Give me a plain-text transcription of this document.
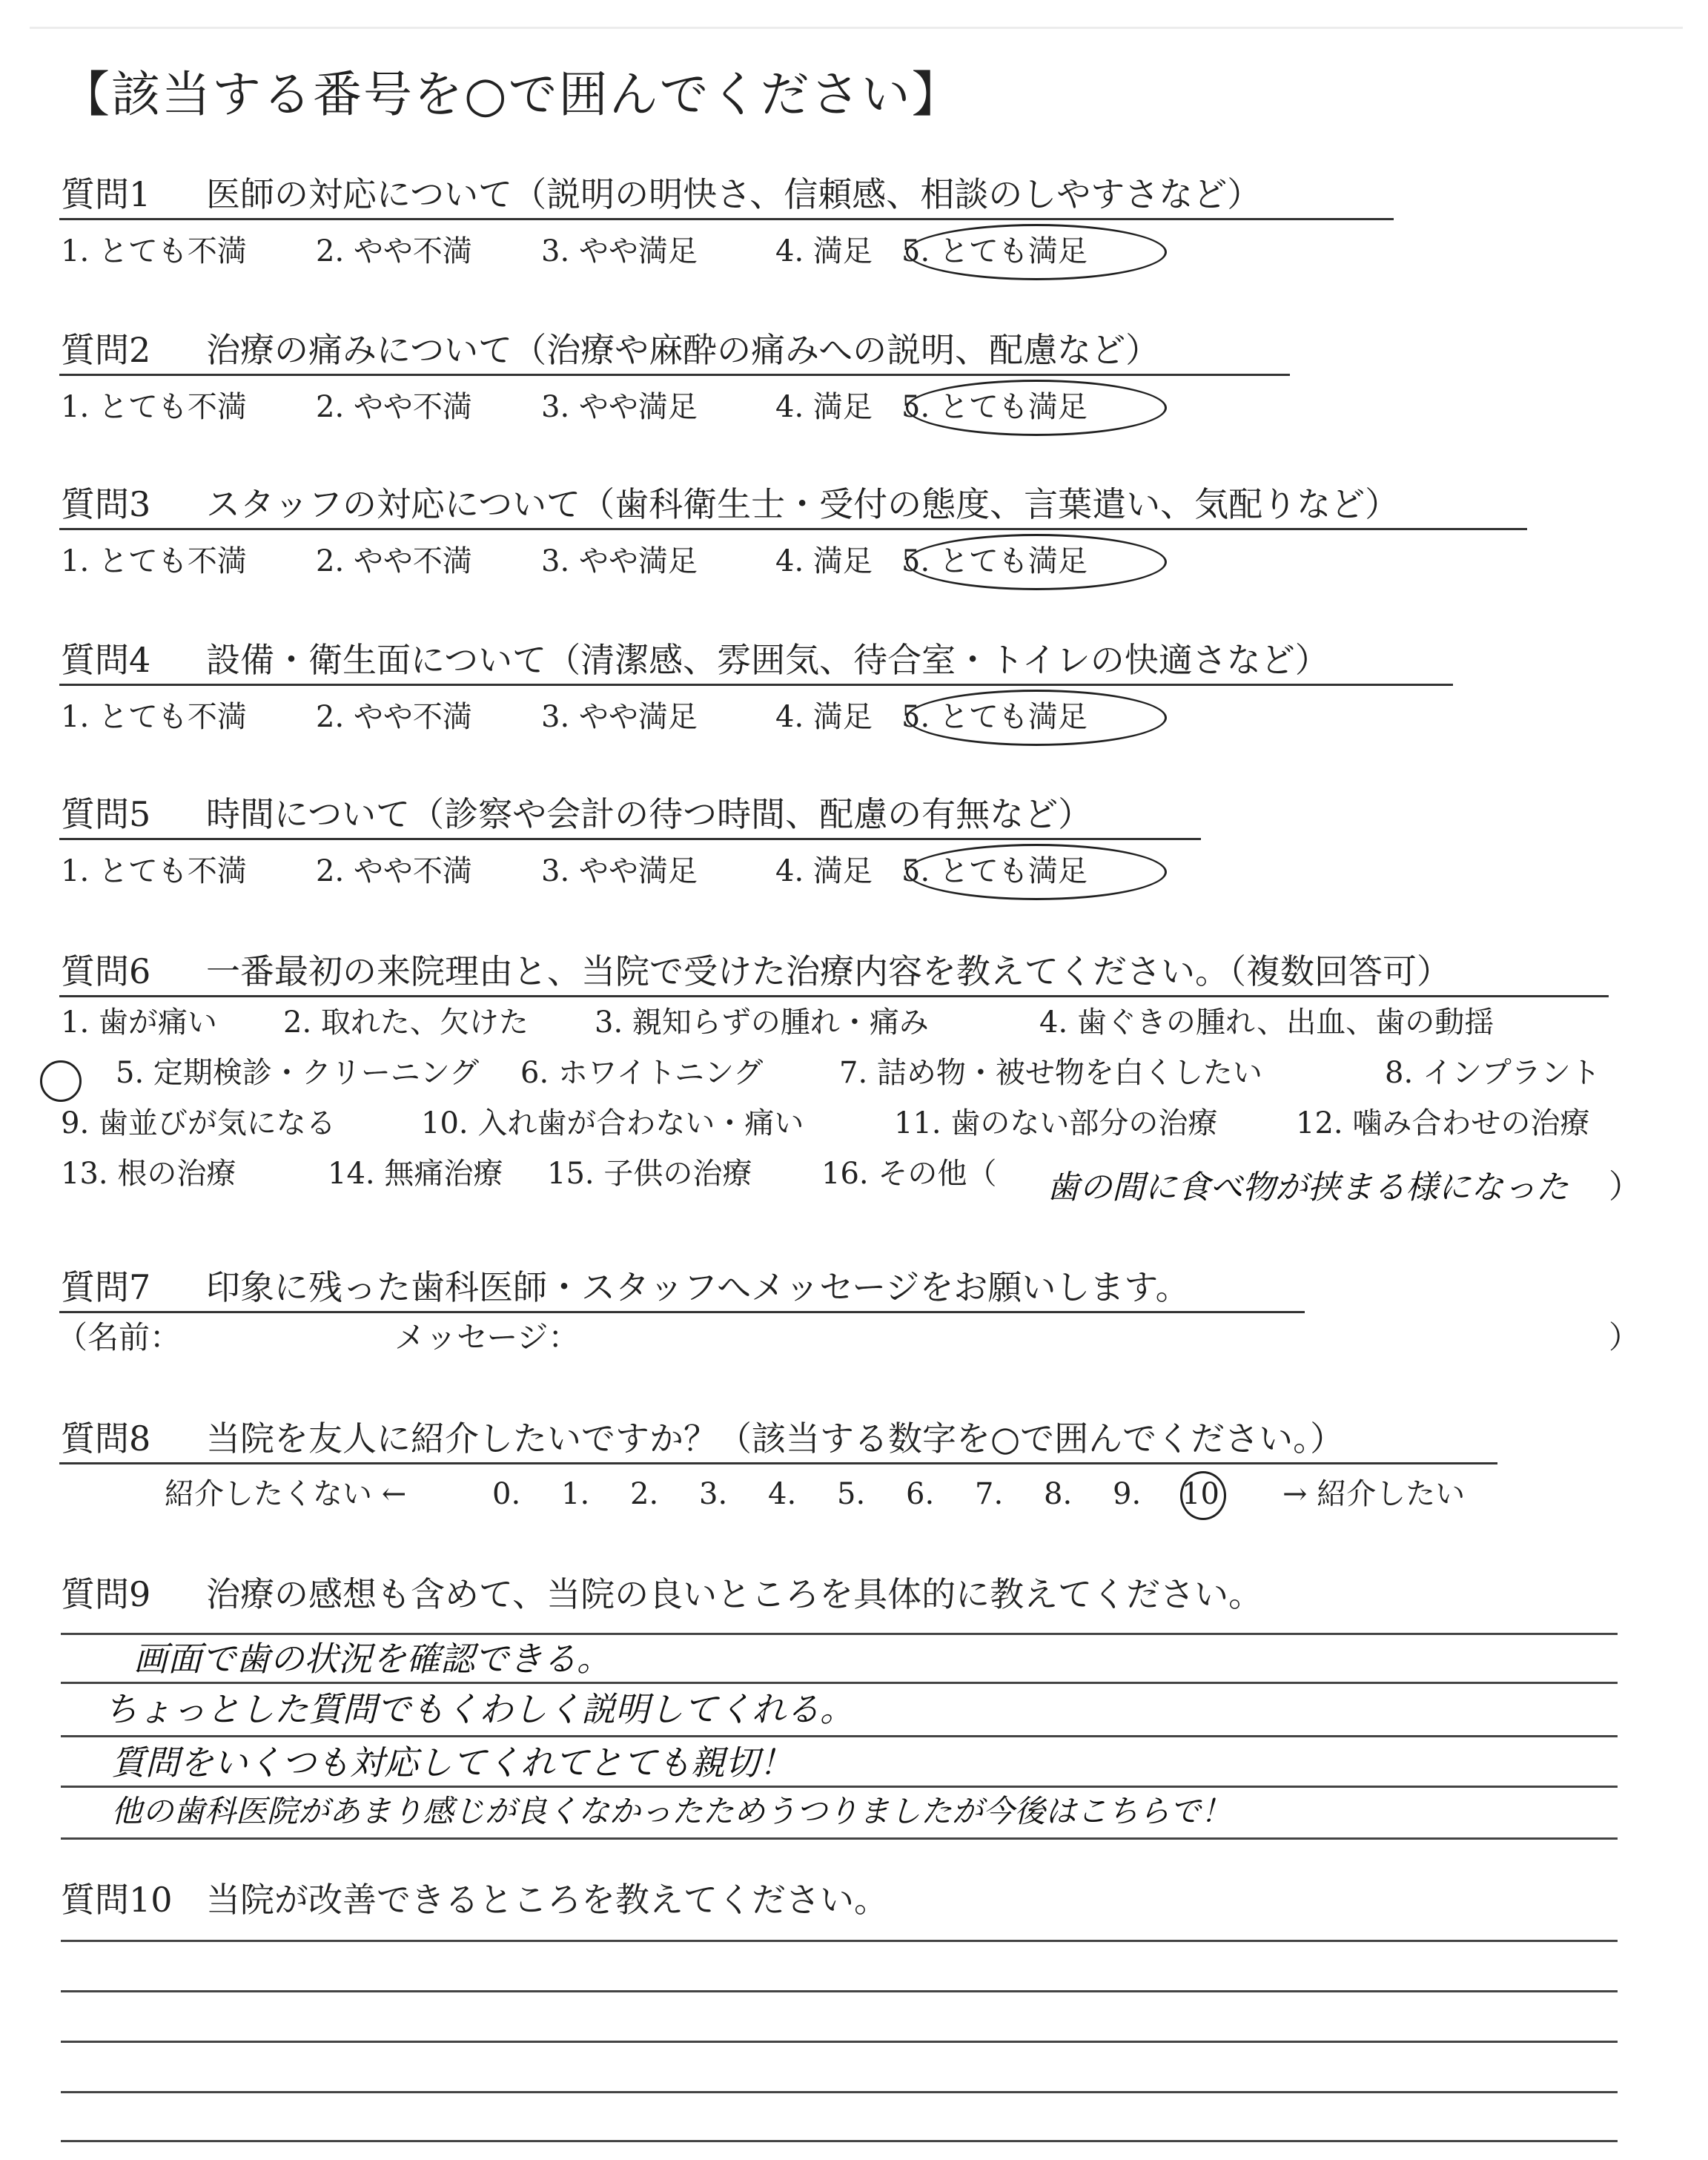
【該当する番号を○で囲んでください】
質問1 医師の対応について（説明の明快さ、信頼感、相談のしやすさなど）
1. とても不満 2. やや不満 3. やや満足	4. 満足 5. とても満足
質問2 治療の痛みについて（治療や麻酔の痛みへの説明、配慮など）
1. とても不満 2. やや不満 3. やや満足	4. 満足 5. とても満足
質問3 スタッフの対応について（歯科衛生士・受付の態度、言葉遣い、気配りなど）
1. とても不満 2. やや不満 3. やや満足	4. 満足 5. とても満足
質問4 設備・衛生面について（清潔感、雰囲気、待合室・トイレの快適さなど）
1. とても不満 2. やや不満 3. やや満足	4. 満足 5. とても満足
質問5 時間について（診察や会計の待つ時間、配慮の有無など）
1. とても不満 2. やや不満 3. やや満足	4. 満足 5. とても満足
質問6 一番最初の来院理由と、当院で受けた治療内容を教えてください。（複数回答可）
1. 歯が痛い 2. 取れた、欠けた 3. 親知らずの腫れ・痛み	4. 歯ぐきの腫れ、出血、歯の動揺
5. 定期検診・クリーニング 6. ホワイトニング	7. 詰め物・被せ物を白くしたい	8. インプラント
9. 歯並びが気になる	10. 入れ歯が合わない・痛い	11. 歯のない部分の治療	12. 噛み合わせの治療
13. 根の治療	14. 無痛治療 15. 子供の治療 16. その他（ 歯の間に食べ物が挟まる様になった ）
質問7 印象に残った歯科医師・スタッフへメッセージをお願いします。
（名前：	メッセージ：	）
質問8 当院を友人に紹介したいですか？（該当する数字を○で囲んでください。）
紹介したくない ←	0. 1. 2. 3. 4. 5. 6. 7. 8. 9. 10 → 紹介したい
質問9 治療の感想も含めて、当院の良いところを具体的に教えてください。
画面で歯の状況を確認できる。
ちょっとした質問でもくわしく説明してくれる。
質問をいくつも対応してくれてとても親切！
他の歯科医院があまり感じが良くなかったためうつりましたが今後はこちらで！
質問10 当院が改善できるところを教えてください。
